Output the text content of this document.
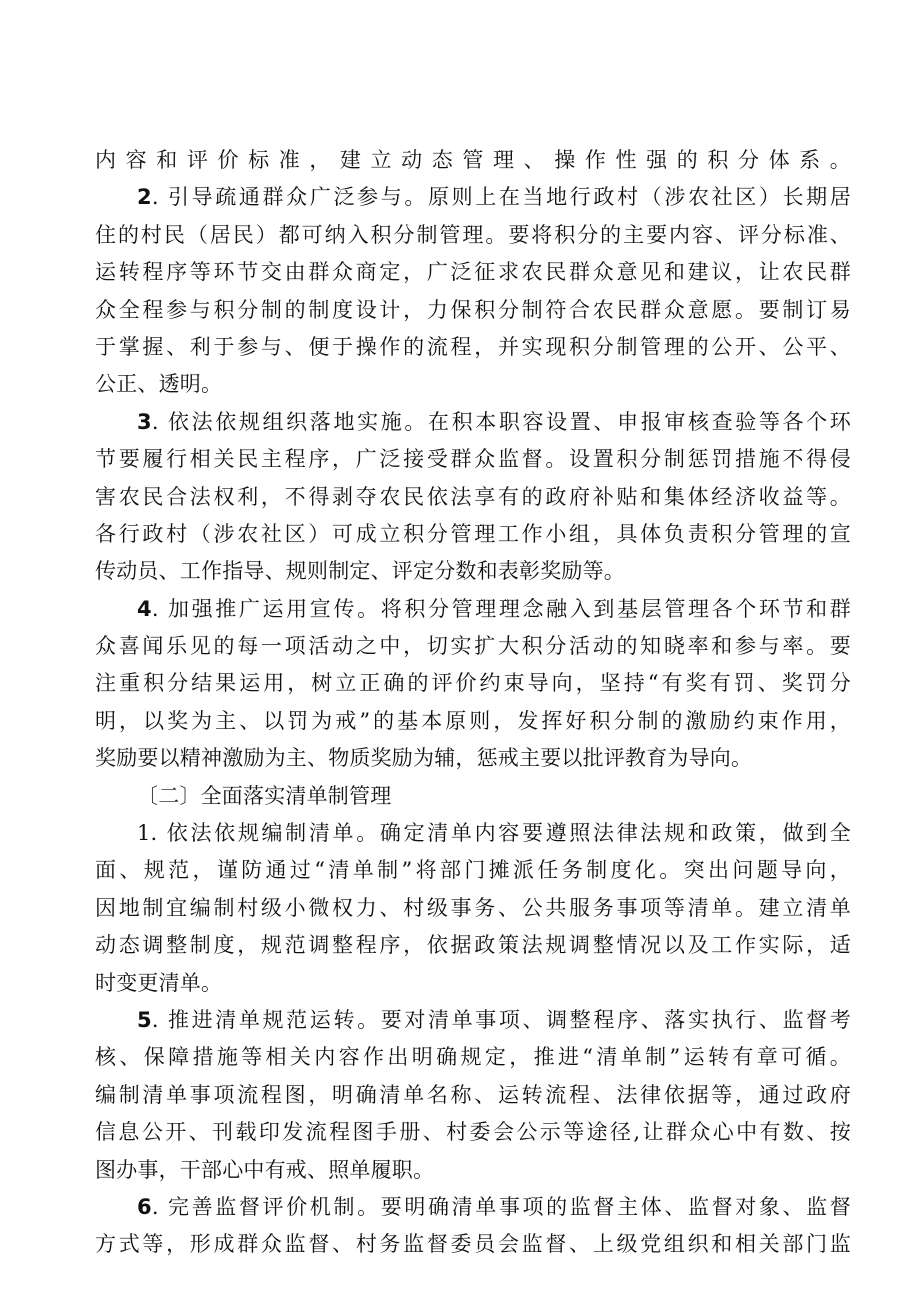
内容和评价标准，建立动态管理、操作性强的积分体系。
2. 引导疏通群众广泛参与。原则上在当地行政村（涉农社区）长期居
住的村民（居民）都可纳入积分制管理。要将积分的主要内容、评分标准、
运转程序等环节交由群众商定，广泛征求农民群众意见和建议，让农民群
众全程参与积分制的制度设计，力保积分制符合农民群众意愿。要制订易
于掌握、利于参与、便于操作的流程，并实现积分制管理的公开、公平、
公正、透明。
3. 依法依规组织落地实施。在积本职容设置、申报审核查验等各个环
节要履行相关民主程序，广泛接受群众监督。设置积分制惩罚措施不得侵
害农民合法权利，不得剥夺农民依法享有的政府补贴和集体经济收益等。
各行政村（涉农社区）可成立积分管理工作小组，具体负责积分管理的宣
传动员、工作指导、规则制定、评定分数和表彰奖励等。
4. 加强推广运用宣传。将积分管理理念融入到基层管理各个环节和群
众喜闻乐见的每一项活动之中，切实扩大积分活动的知晓率和参与率。要
注重积分结果运用，树立正确的评价约束导向，坚持“有奖有罚、奖罚分
明，以奖为主、以罚为戒”的基本原则，发挥好积分制的激励约束作用，
奖励要以精神激励为主、物质奖励为辅，惩戒主要以批评教育为导向。
〔二〕全面落实清单制管理
1. 依法依规编制清单。确定清单内容要遵照法律法规和政策，做到全
面、规范，谨防通过“清单制”将部门摊派任务制度化。突出问题导向，
因地制宜编制村级小微权力、村级事务、公共服务事项等清单。建立清单
动态调整制度，规范调整程序，依据政策法规调整情况以及工作实际，适
时变更清单。
5. 推进清单规范运转。要对清单事项、调整程序、落实执行、监督考
核、保障措施等相关内容作出明确规定，推进“清单制”运转有章可循。
编制清单事项流程图，明确清单名称、运转流程、法律依据等，通过政府
信息公开、刊载印发流程图手册、村委会公示等途径,让群众心中有数、按
图办事，干部心中有戒、照单履职。
6. 完善监督评价机制。要明确清单事项的监督主体、监督对象、监督
方式等，形成群众监督、村务监督委员会监督、上级党组织和相关部门监
